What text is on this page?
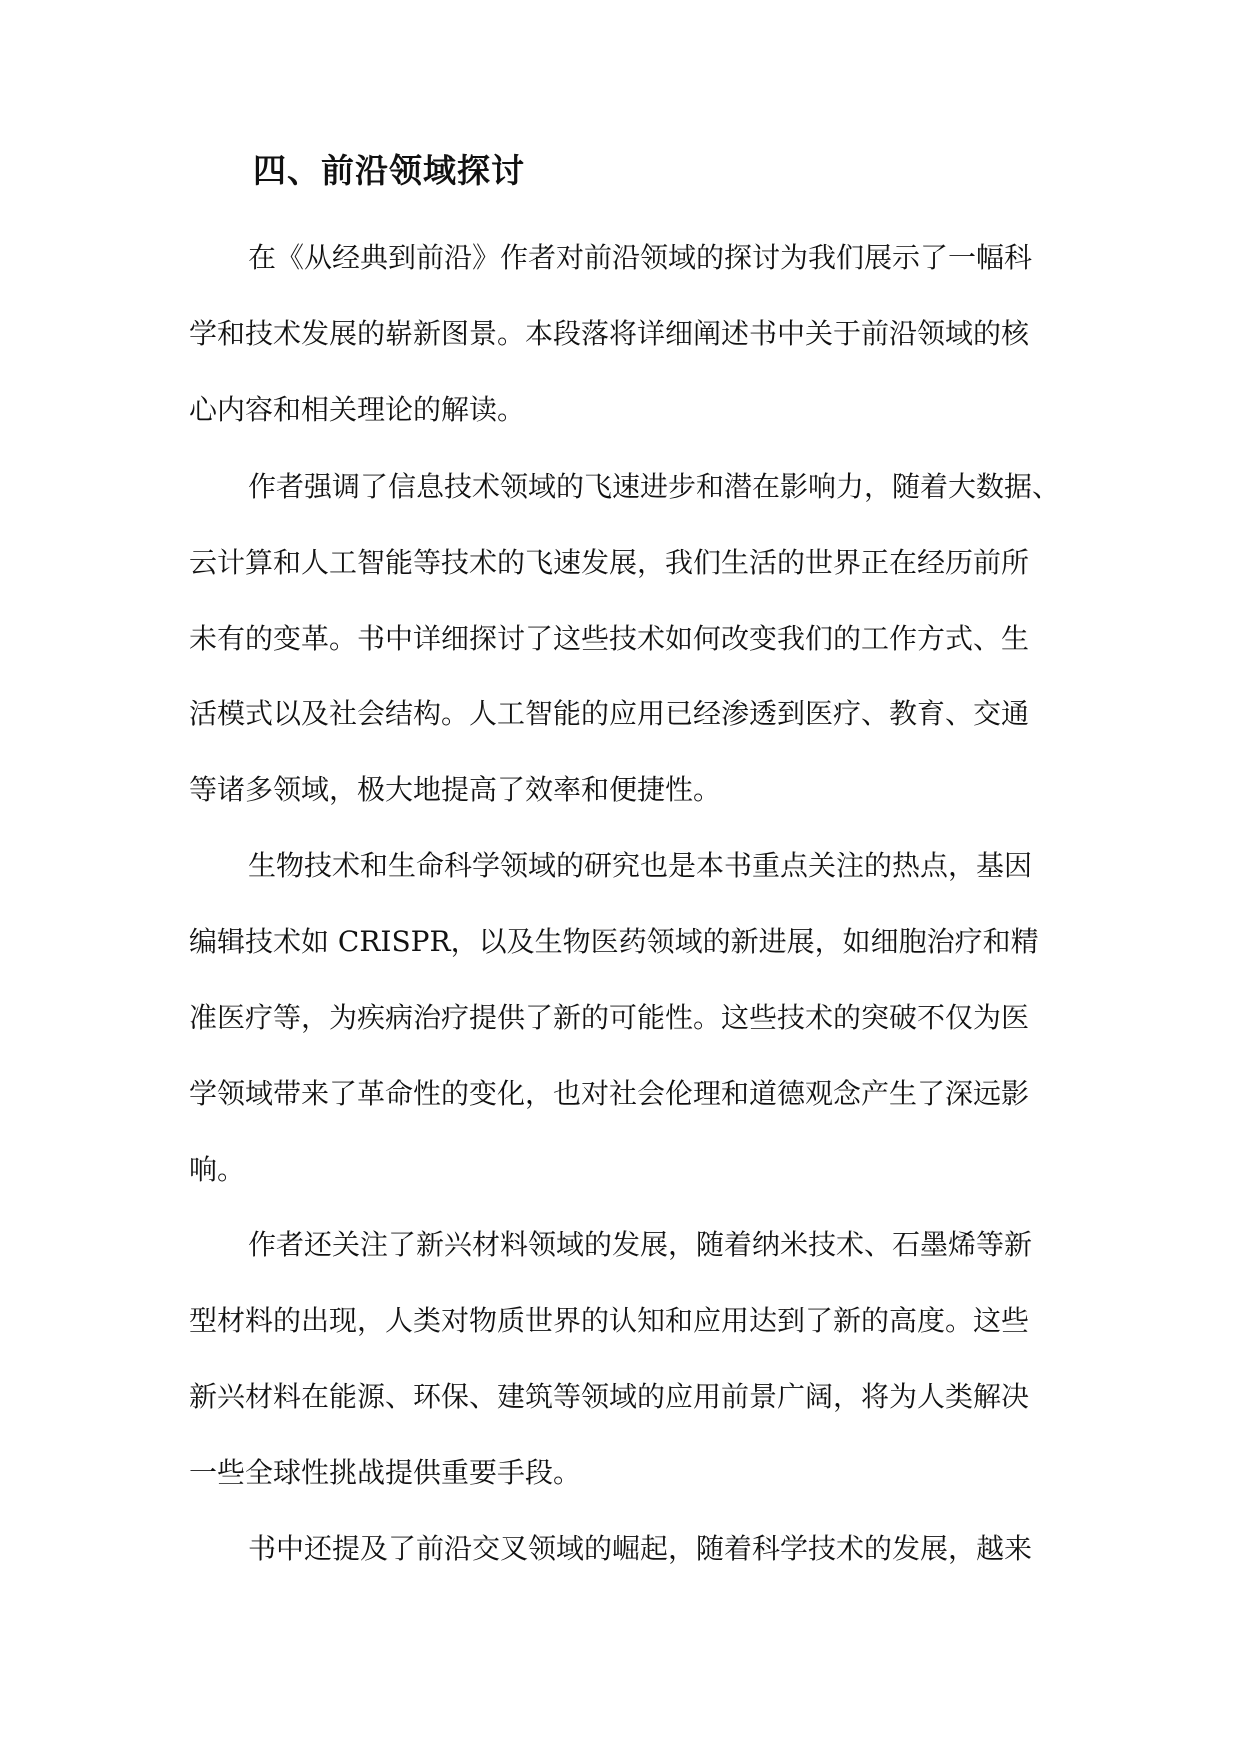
四、前沿领域探讨

在《从经典到前沿》作者对前沿领域的探讨为我们展示了一幅科

学和技术发展的崭新图景。本段落将详细阐述书中关于前沿领域的核

心内容和相关理论的解读。

作者强调了信息技术领域的飞速进步和潜在影响力，随着大数据、

云计算和人工智能等技术的飞速发展，我们生活的世界正在经历前所

未有的变革。书中详细探讨了这些技术如何改变我们的工作方式、生

活模式以及社会结构。人工智能的应用已经渗透到医疗、教育、交通

等诸多领域，极大地提高了效率和便捷性。

生物技术和生命科学领域的研究也是本书重点关注的热点，基因

编辑技术如 CRISPR，以及生物医药领域的新进展，如细胞治疗和精

准医疗等，为疾病治疗提供了新的可能性。这些技术的突破不仅为医

学领域带来了革命性的变化，也对社会伦理和道德观念产生了深远影

响。

作者还关注了新兴材料领域的发展，随着纳米技术、石墨烯等新

型材料的出现，人类对物质世界的认知和应用达到了新的高度。这些

新兴材料在能源、环保、建筑等领域的应用前景广阔，将为人类解决

一些全球性挑战提供重要手段。

书中还提及了前沿交叉领域的崛起，随着科学技术的发展，越来
